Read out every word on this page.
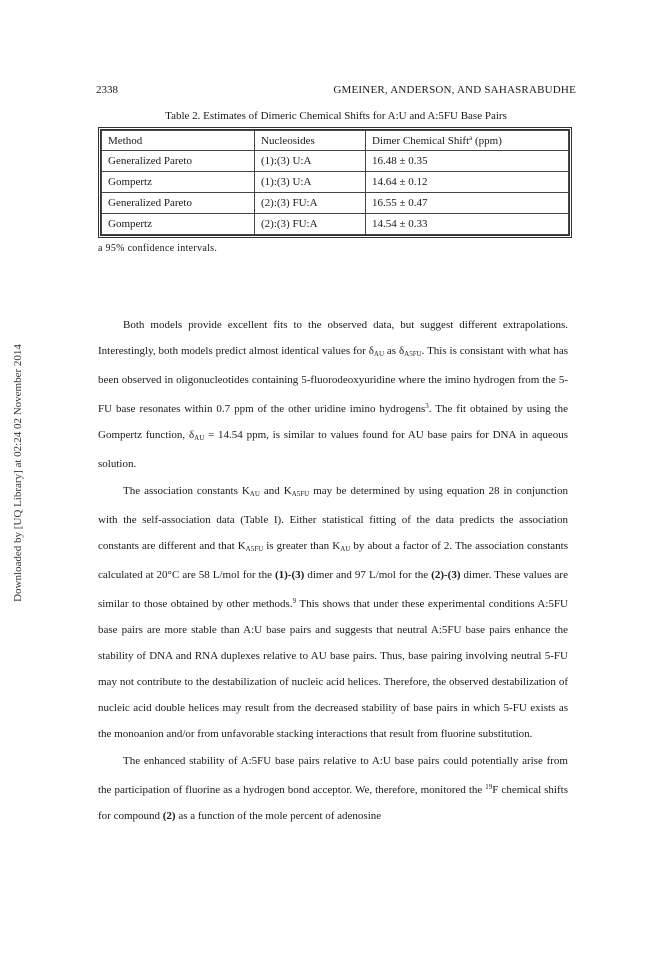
2338	GMEINER, ANDERSON, AND SAHASRABUDHE
Table 2. Estimates of Dimeric Chemical Shifts for A:U and A:5FU Base Pairs
Method	Nucleosides	Dimer Chemical Shift$^a$ (ppm)
Generalized Pareto	(1):(3) U:A	16.48 ± 0.35
Gompertz	(1):(3) U:A	14.64 ± 0.12
Generalized Pareto	(2):(3) FU:A	16.55 ± 0.47
Gompertz	(2):(3) FU:A	14.54 ± 0.33
a 95% confidence intervals.
Downloaded by [UQ Library] at 02:24 02 November 2014

Both models provide excellent fits to the observed data, but suggest different extrapolations. Interestingly, both models predict almost identical values for $\delta_{AU}$ as $\delta_{A5FU}$. This is consistant with what has been observed in oligonucleotides containing 5-fluorodeoxyuridine where the imino hydrogen from the 5-FU base resonates within 0.7 ppm of the other uridine imino hydrogens$^3$. The fit obtained by using the Gompertz function, $\delta_{AU} = 14.54$ ppm, is similar to values found for AU base pairs for DNA in aqueous solution.

The association constants $K_{AU}$ and $K_{A5FU}$ may be determined by using equation 28 in conjunction with the self-association data (Table I). Either statistical fitting of the data predicts the association constants are different and that $K_{A5FU}$ is greater than $K_{AU}$ by about a factor of 2. The association constants calculated at 20°C are 58 L/mol for the (1)-(3) dimer and 97 L/mol for the (2)-(3) dimer. These values are similar to those obtained by other methods.$^9$ This shows that under these experimental conditions A:5FU base pairs are more stable than A:U base pairs and suggests that neutral A:5FU base pairs enhance the stability of DNA and RNA duplexes relative to AU base pairs. Thus, base pairing involving neutral 5-FU may not contribute to the destabilization of nucleic acid helices. Therefore, the observed destabilization of nucleic acid double helices may result from the decreased stability of base pairs in which 5-FU exists as the monoanion and/or from unfavorable stacking interactions that result from fluorine substitution.

The enhanced stability of A:5FU base pairs relative to A:U base pairs could potentially arise from the participation of fluorine as a hydrogen bond acceptor. We, therefore, monitored the $^{19}$F chemical shifts for compound (2) as a function of the mole percent of adenosine
